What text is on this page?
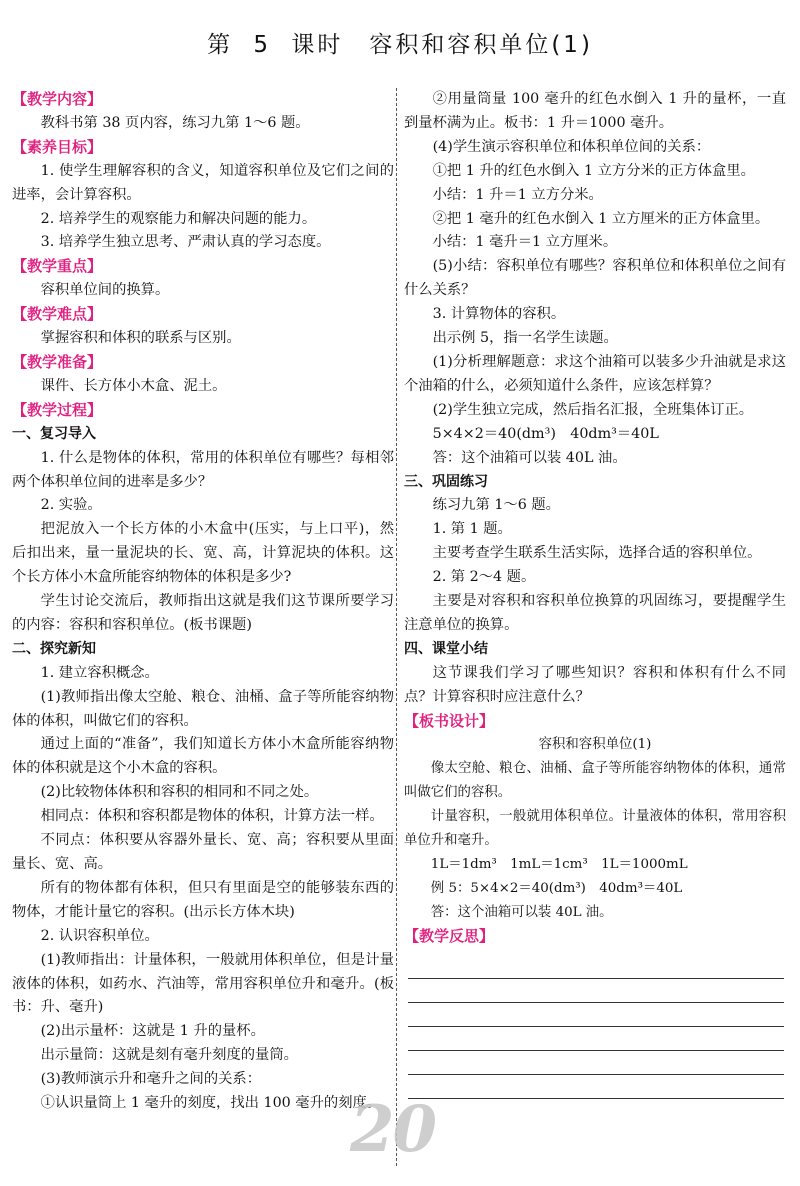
第 5 课时　容积和容积单位(1)
【教学内容】

教科书第 38 页内容，练习九第 1～6 题。

【素养目标】

1. 使学生理解容积的含义，知道容积单位及它们之间的进率，会计算容积。

2. 培养学生的观察能力和解决问题的能力。

3. 培养学生独立思考、严肃认真的学习态度。

【教学重点】

容积单位间的换算。

【教学难点】

掌握容积和体积的联系与区别。

【教学准备】

课件、长方体小木盒、泥土。

【教学过程】
一、复习导入

1. 什么是物体的体积，常用的体积单位有哪些？每相邻两个体积单位间的进率是多少？

2. 实验。

把泥放入一个长方体的小木盒中(压实，与上口平)，然后扣出来，量一量泥块的长、宽、高，计算泥块的体积。这个长方体小木盒所能容纳物体的体积是多少?

学生讨论交流后，教师指出这就是我们这节课所要学习的内容：容积和容积单位。(板书课题)

二、探究新知

1. 建立容积概念。

(1)教师指出像太空舱、粮仓、油桶、盒子等所能容纳物体的体积，叫做它们的容积。

通过上面的“准备”，我们知道长方体小木盒所能容纳物体的体积就是这个小木盒的容积。

(2)比较物体体积和容积的相同和不同之处。

相同点：体积和容积都是物体的体积，计算方法一样。

不同点：体积要从容器外量长、宽、高；容积要从里面量长、宽、高。

所有的物体都有体积，但只有里面是空的能够装东西的物体，才能计量它的容积。(出示长方体木块)

2. 认识容积单位。

(1)教师指出：计量体积，一般就用体积单位，但是计量液体的体积，如药水、汽油等，常用容积单位升和毫升。(板书：升、毫升)

(2)出示量杯：这就是 1 升的量杯。

出示量筒：这就是刻有毫升刻度的量筒。

(3)教师演示升和毫升之间的关系：

①认识量筒上 1 毫升的刻度，找出 100 毫升的刻度。

②用量筒量 100 毫升的红色水倒入 1 升的量杯，一直到量杯满为止。板书：1 升＝1000 毫升。

(4)学生演示容积单位和体积单位间的关系：

①把 1 升的红色水倒入 1 立方分米的正方体盒里。

小结：1 升＝1 立方分米。

②把 1 毫升的红色水倒入 1 立方厘米的正方体盒里。

小结：1 毫升＝1 立方厘米。

(5)小结：容积单位有哪些？容积单位和体积单位之间有什么关系？

3. 计算物体的容积。

出示例 5，指一名学生读题。

(1)分析理解题意：求这个油箱可以装多少升油就是求这个油箱的什么，必须知道什么条件，应该怎样算？

(2)学生独立完成，然后指名汇报，全班集体订正。

5×4×2＝40(dm³)　40dm³＝40L

答：这个油箱可以装 40L 油。

三、巩固练习

练习九第 1～6 题。

1. 第 1 题。

主要考查学生联系生活实际，选择合适的容积单位。

2. 第 2～4 题。

主要是对容积和容积单位换算的巩固练习，要提醒学生注意单位的换算。

四、课堂小结

这节课我们学习了哪些知识？容积和体积有什么不同点？计算容积时应注意什么？

【板书设计】

容积和容积单位(1)

像太空舱、粮仓、油桶、盒子等所能容纳物体的体积，通常叫做它们的容积。

计量容积，一般就用体积单位。计量液体的体积，常用容积单位升和毫升。

1L＝1dm³　1mL＝1cm³　1L＝1000mL

例 5：5×4×2＝40(dm³)　40dm³＝40L

答：这个油箱可以装 40L 油。

【教学反思】
20
